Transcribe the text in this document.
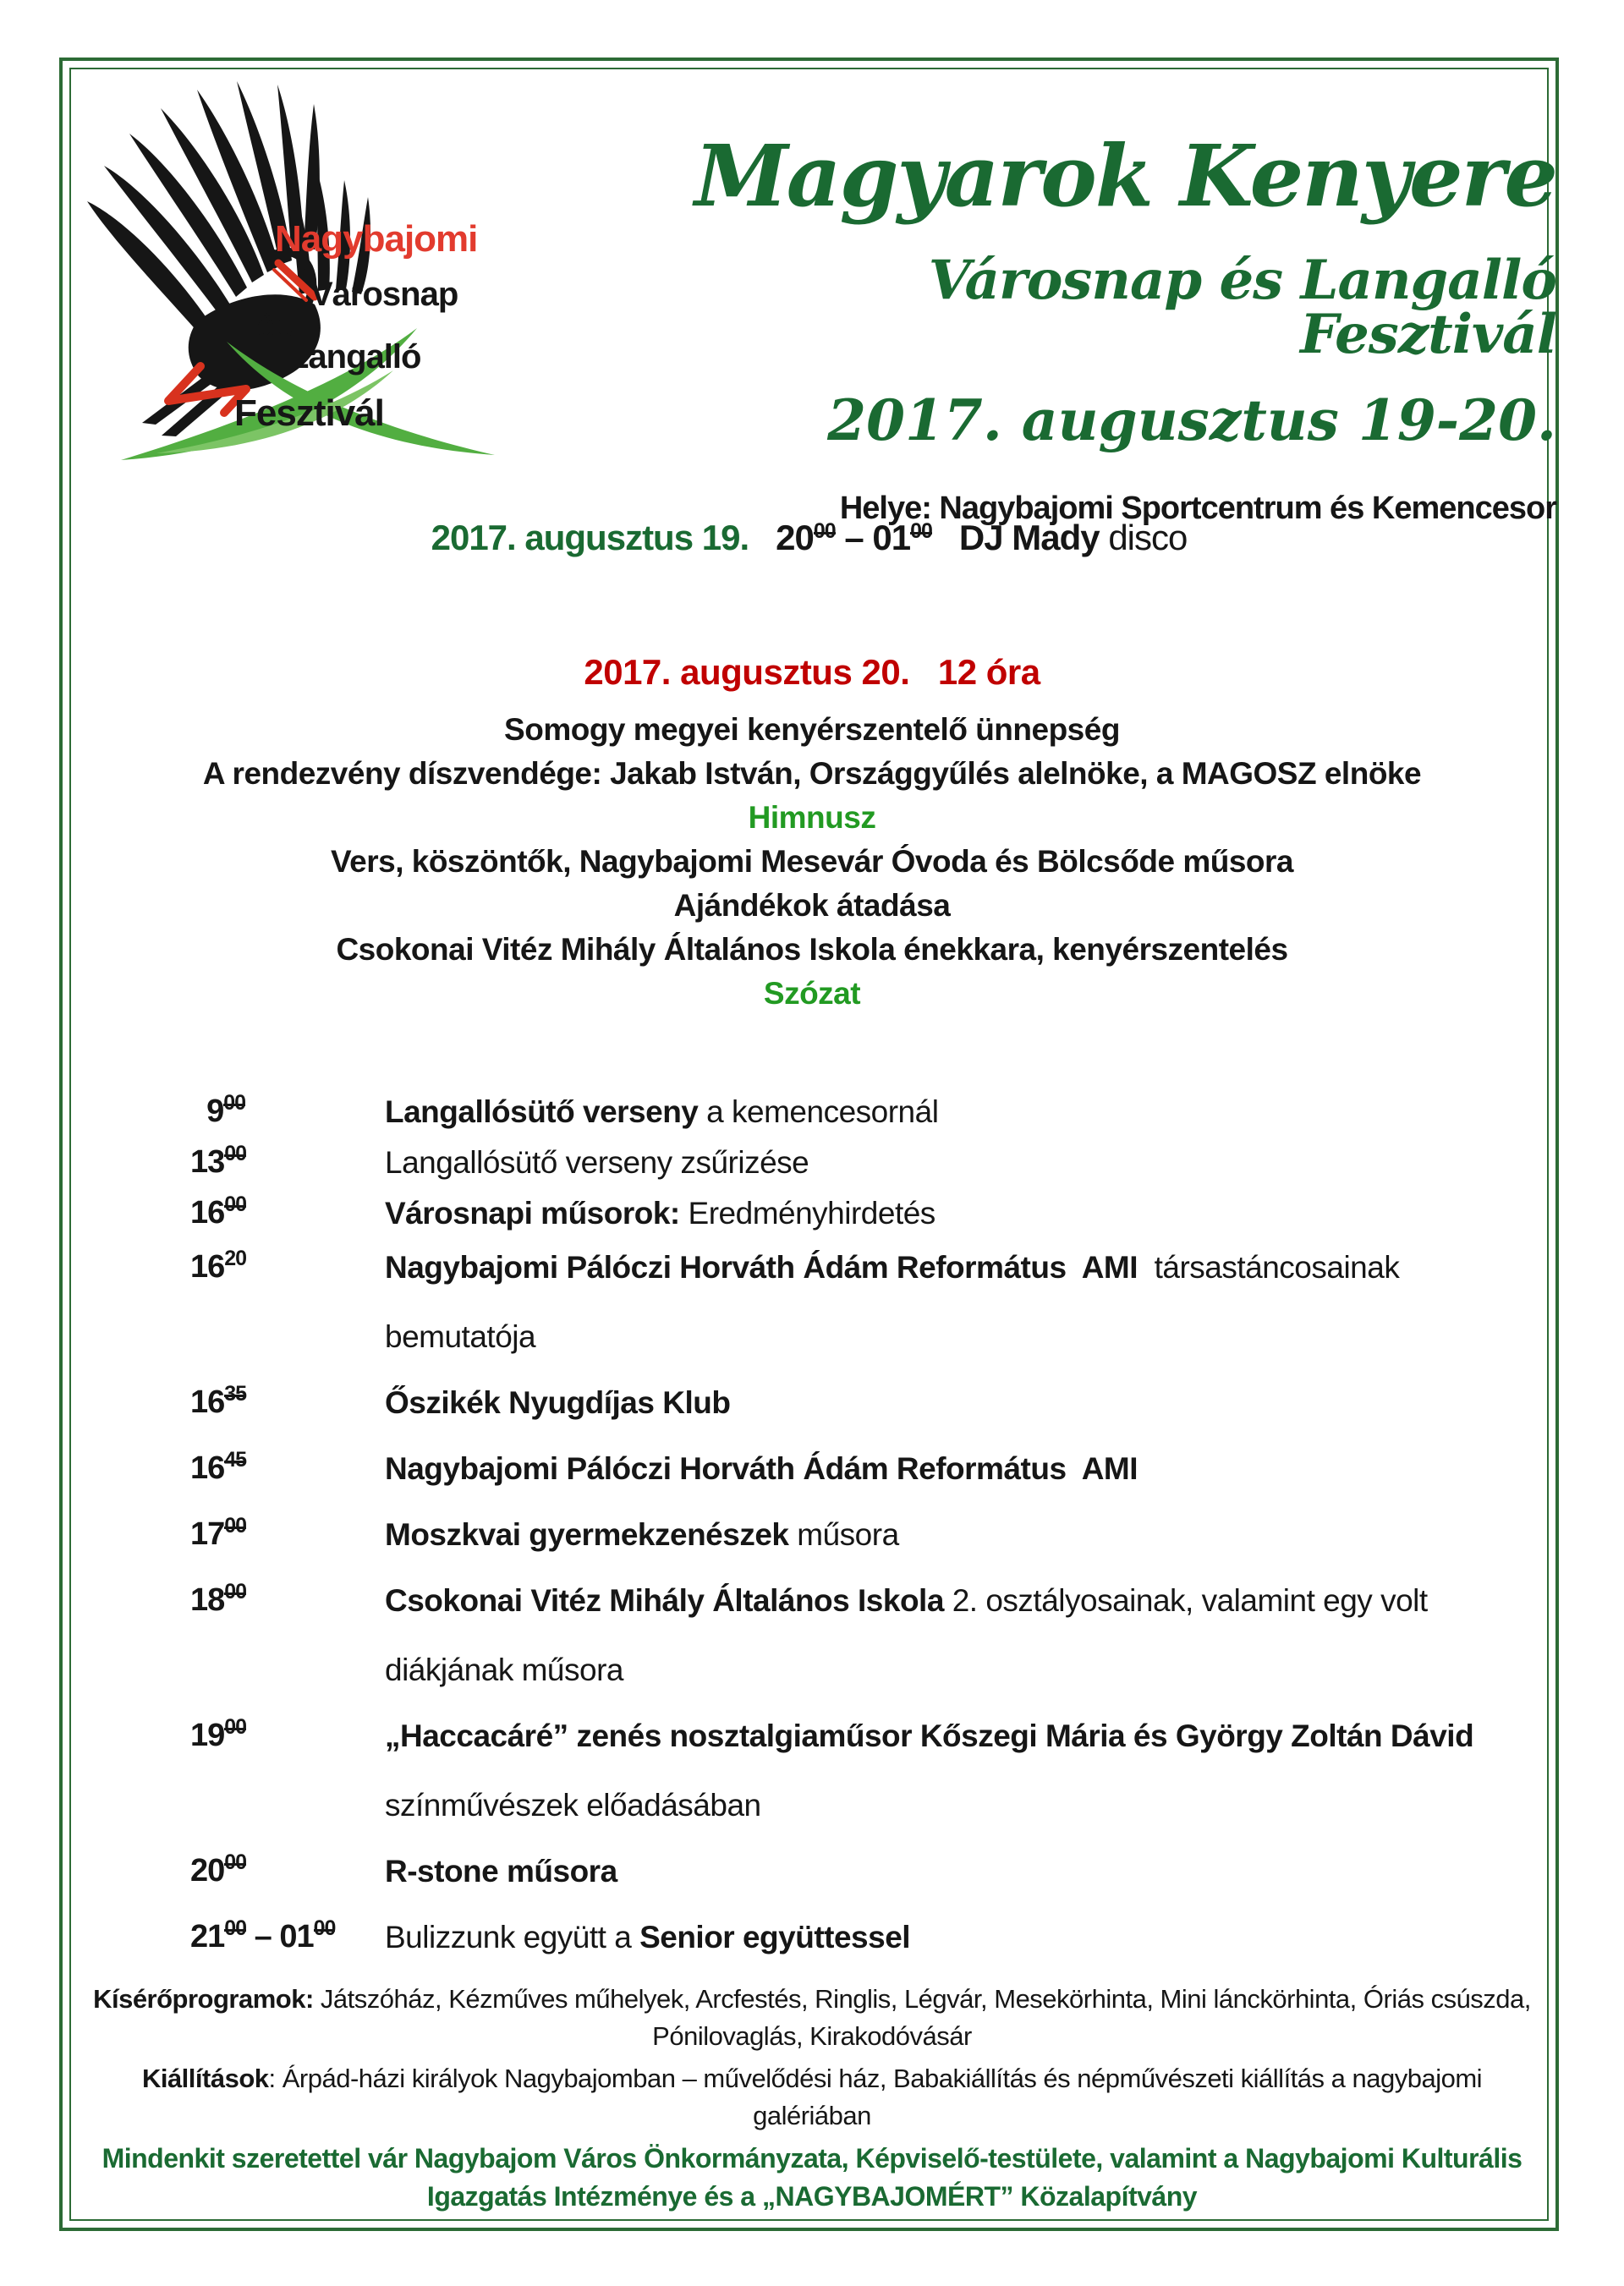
Nagybajomi
Városnap
és
Langalló
Fesztivál
Magyarok Kenyere
Városnap és Langalló Fesztivál
2017. augusztus 19-20.
Helye: Nagybajomi Sportcentrum és Kemencesor
2017. augusztus 19. 2000 – 0100   DJ Mady disco

2017. augusztus 20.   12 óra

Somogy megyei kenyérszentelő ünnepség

A rendezvény díszvendége: Jakab István, Országgyűlés alelnöke, a MAGOSZ elnöke

Himnusz

Vers, köszöntők, Nagybajomi Mesevár Óvoda és Bölcsőde műsora

Ajándékok átadása

Csokonai Vitéz Mihály Általános Iskola énekkara, kenyérszentelés

Szózat

900	Langallósütő verseny a kemencesornál
1300	Langallósütő verseny zsűrizése
1600	Városnapi műsorok: Eredményhirdetés
1620	Nagybajomi Pálóczi Horváth Ádám Református  AMI  társastáncosainak
bemutatója
1635	Őszikék Nyugdíjas Klub
1645	Nagybajomi Pálóczi Horváth Ádám Református  AMI
1700	Moszkvai gyermekzenészek műsora
1800	Csokonai Vitéz Mihály Általános Iskola 2. osztályosainak, valamint egy volt
diákjának műsora
1900	„Haccacáré” zenés nosztalgiaműsor Kőszegi Mária és György Zoltán Dávid
színművészek előadásában
2000	R-stone műsora
2100 – 0100	Bulizzunk együtt a Senior együttessel

Kísérőprogramok: Játszóház, Kézműves műhelyek, Arcfestés, Ringlis, Légvár, Mesekörhinta, Mini lánckörhinta, Óriás csúszda, Pónilovaglás, Kirakodóvásár

Kiállítások: Árpád-házi királyok Nagybajomban – művelődési ház, Babakiállítás és népművészeti kiállítás a nagybajomi galériában

Mindenkit szeretettel vár Nagybajom Város Önkormányzata, Képviselő-testülete, valamint a Nagybajomi Kulturális Igazgatás Intézménye és a „NAGYBAJOMÉRT” Közalapítvány
